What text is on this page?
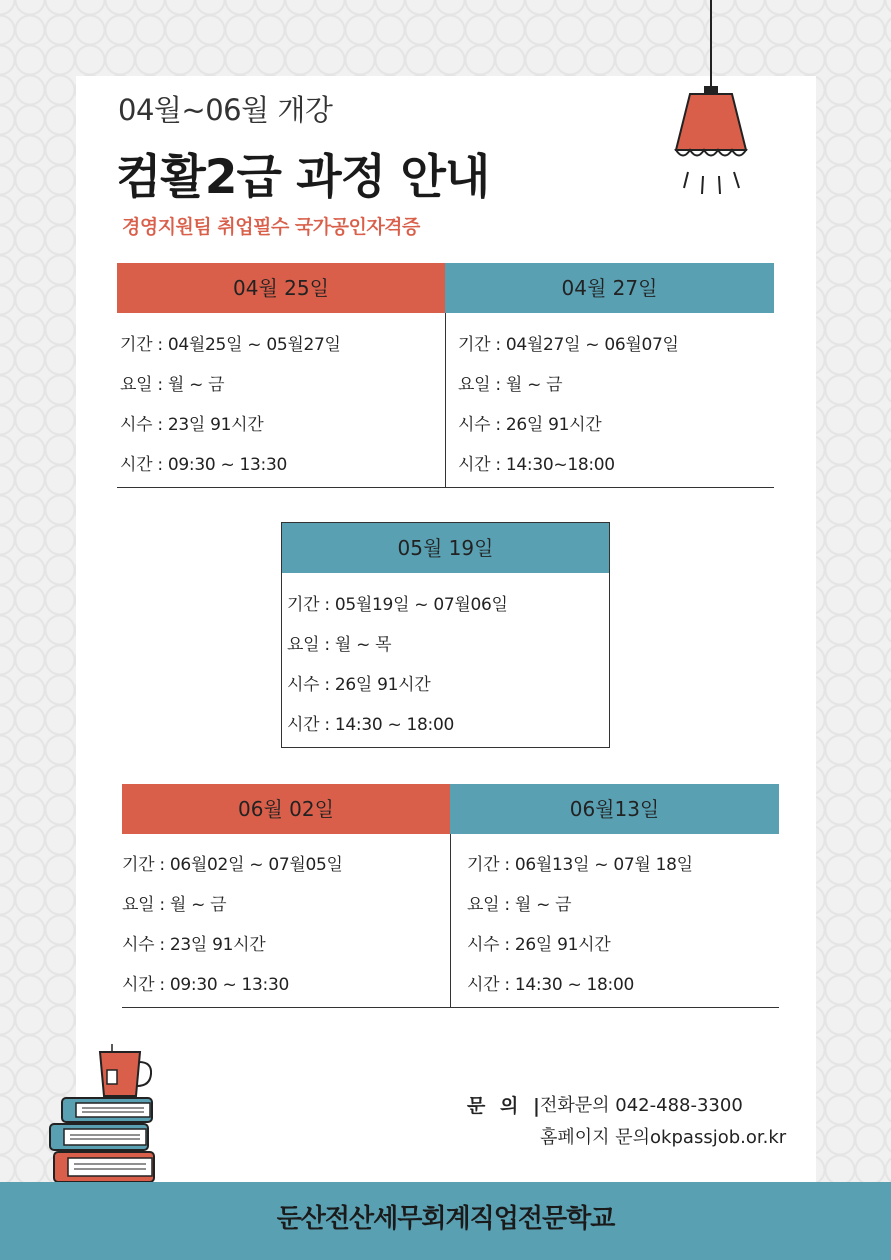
04월~06월 개강
컴활2급 과정 안내
경영지원팀 취업필수 국가공인자격증
04월 25일	04월 27일
기간 : 04월25일 ~ 05월27일
요일 : 월 ~ 금
시수 : 23일 91시간
시간 : 09:30 ~ 13:30
기간 : 04월27일 ~ 06월07일
요일 : 월 ~ 금
시수 : 26일 91시간
시간 : 14:30~18:00
05월 19일
기간 : 05월19일 ~ 07월06일
요일 : 월 ~ 목
시수 : 26일 91시간
시간 : 14:30 ~ 18:00
06월 02일	06월13일
기간 : 06월02일 ~ 07월05일
요일 : 월 ~ 금
시수 : 23일 91시간
시간 : 09:30 ~ 13:30
기간 : 06월13일 ~ 07월 18일
요일 : 월 ~ 금
시수 : 26일 91시간
시간 : 14:30 ~ 18:00
문 의 |
전화문의 042-488-3300
홈페이지 문의okpassjob.or.kr
둔산전산세무회계직업전문학교
